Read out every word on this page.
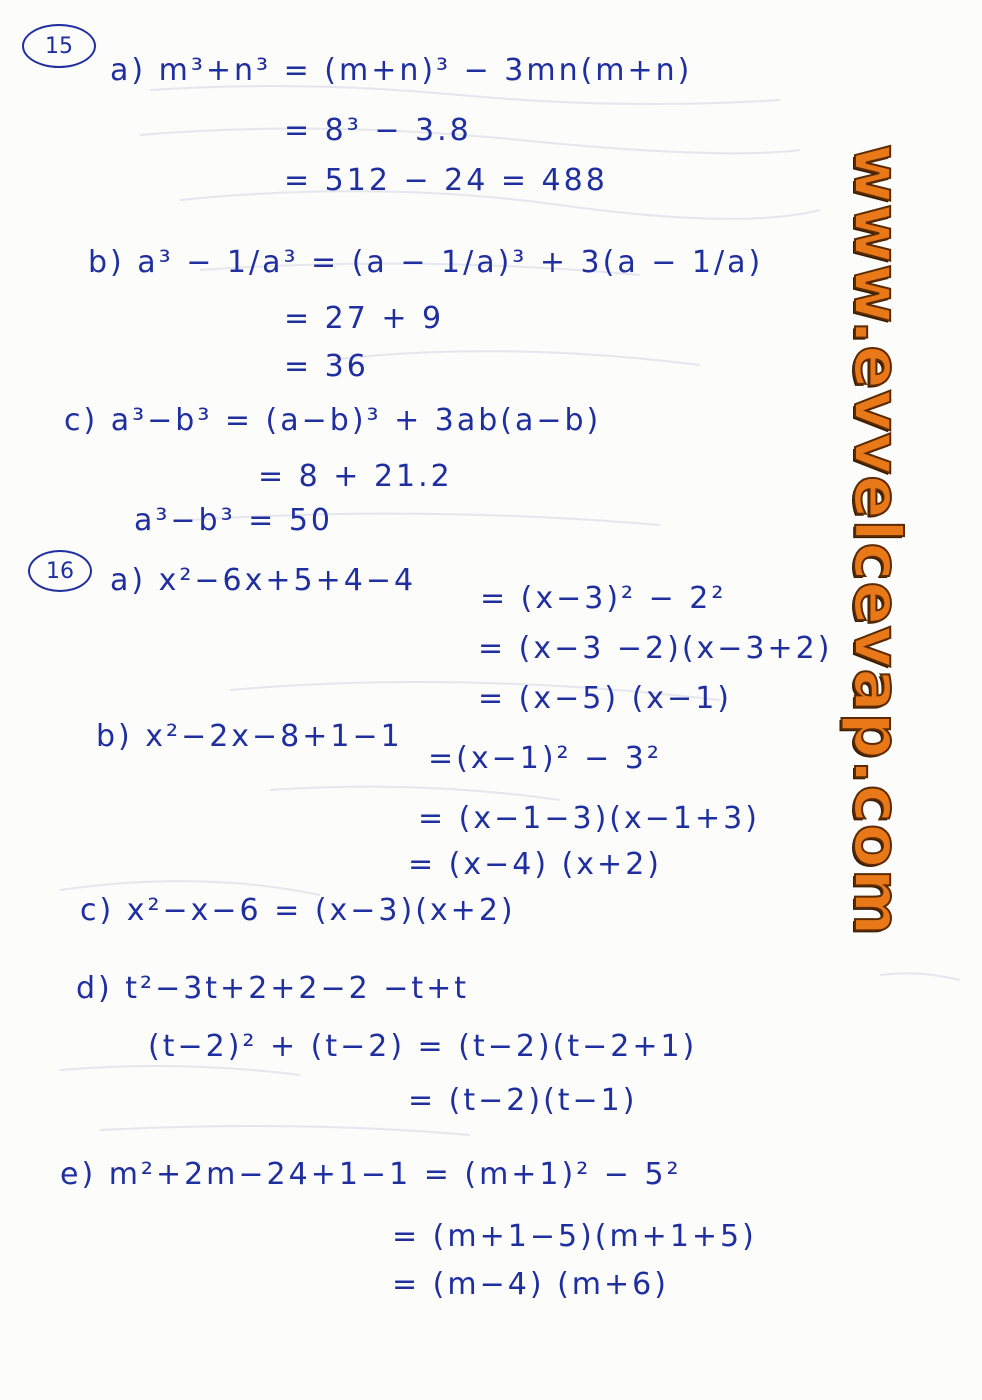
15
a) m³+n³ = (m+n)³ − 3mn(m+n)
= 8³ − 3.8
= 512 − 24 = 488
b) a³ − 1/a³ = (a − 1/a)³ + 3(a − 1/a)
= 27 + 9
= 36
c) a³−b³ = (a−b)³ + 3ab(a−b)
= 8 + 21.2
a³−b³ = 50
16 a) x²−6x+5+4−4
= (x−3)² − 2²
= (x−3 −2)(x−3+2)
= (x−5) (x−1)
b) x²−2x−8+1−1
=(x−1)² − 3²
= (x−1−3)(x−1+3)
= (x−4) (x+2)
c) x²−x−6 = (x−3)(x+2)
d) t²−3t+2+2−2 −t+t
(t−2)² + (t−2) = (t−2)(t−2+1)
= (t−2)(t−1)
e) m²+2m−24+1−1 = (m+1)² − 5²
= (m+1−5)(m+1+5)
= (m−4) (m+6)
www.evvelcevap.com
